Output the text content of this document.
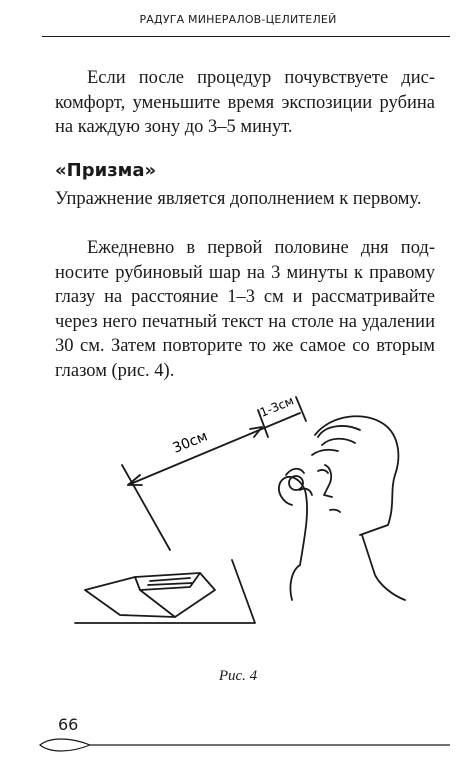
РАДУГА МИНЕРАЛОВ-ЦЕЛИТЕЛЕЙ

Если после процедур почувствуете дискомфорт, уменьшите время экспозиции рубина на каждую зону до 3–5 минут.

«Призма»

Упражнение является дополнением к первому.

Ежедневно в первой половине дня подносите рубиновый шар на 3 минуты к правому глазу на расстояние 1–3 см и рассматривайте через него печатный текст на столе на удалении 30 см. Затем повторите то же самое со вторым глазом (рис. 4).

30см
1-3см
Рис. 4
66
